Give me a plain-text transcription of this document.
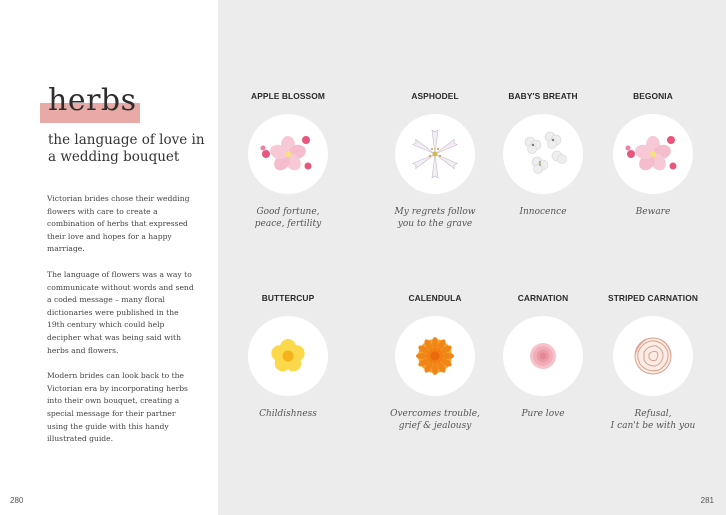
herbs
the language of love in a wedding bouquet

Victorian brides chose their wedding flowers with care to create a combination of herbs that expressed their love and hopes for a happy marriage.

The language of flowers was a way to communicate without words and send a coded message – many floral dictionaries were published in the 19th century which could help decipher what was being said with herbs and flowers.

Modern brides can look back to the Victorian era by incorporating herbs into their own bouquet, creating a special message for their partner using the guide with this handy illustrated guide.

280
APPLE BLOSSOM
Good fortune,
peace, fertility
ASPHODEL
My regrets follow
you to the grave
BABY'S BREATH
Innocence
BEGONIA
Beware
BUTTERCUP
Childishness
CALENDULA
Overcomes trouble,
grief & jealousy
CARNATION
Pure love
STRIPED CARNATION
Refusal,
I can't be with you
281
